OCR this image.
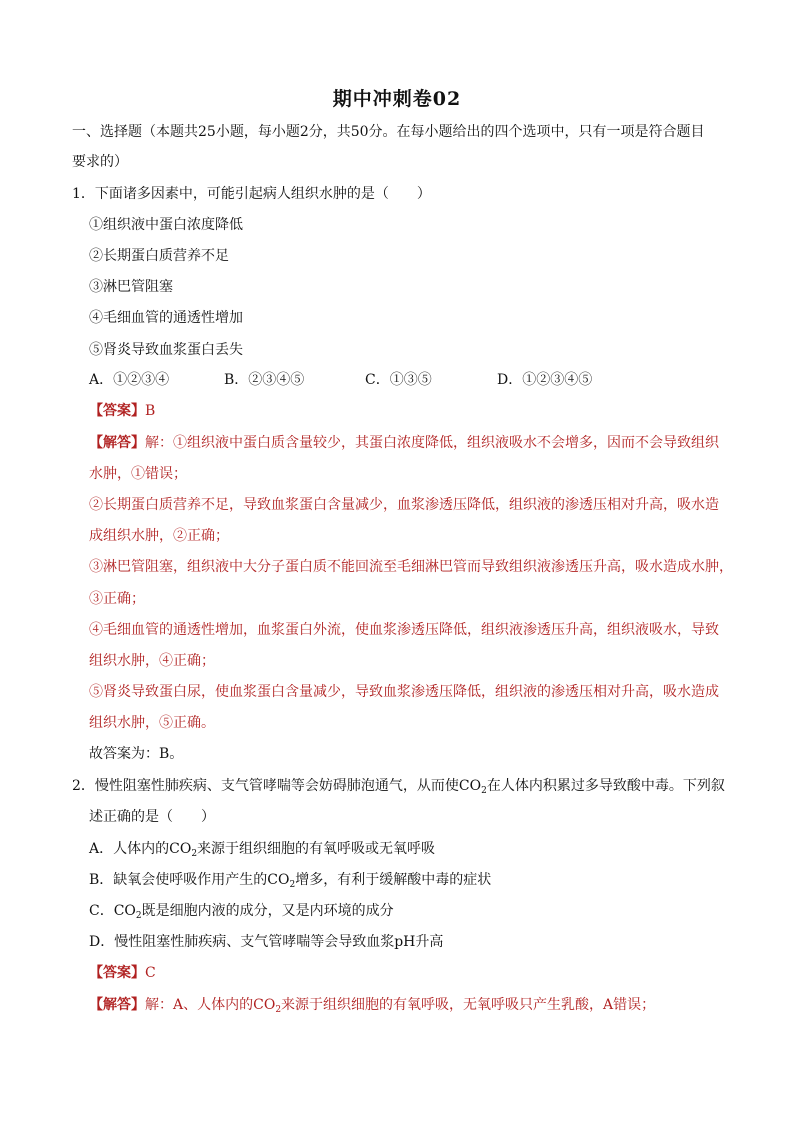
期中冲刺卷02
一、选择题（本题共25小题，每小题2分，共50分。在每小题给出的四个选项中，只有一项是符合题目
要求的）
1．下面诸多因素中，可能引起病人组织水肿的是（　　）
①组织液中蛋白浓度降低
②长期蛋白质营养不足
③淋巴管阻塞
④毛细血管的通透性增加
⑤肾炎导致血浆蛋白丢失
A．①②③④	B．②③④⑤	C．①③⑤	D．①②③④⑤
【答案】B
【解答】解：①组织液中蛋白质含量较少，其蛋白浓度降低，组织液吸水不会增多，因而不会导致组织
水肿，①错误；
②长期蛋白质营养不足，导致血浆蛋白含量减少，血浆渗透压降低，组织液的渗透压相对升高，吸水造
成组织水肿，②正确；
③淋巴管阻塞，组织液中大分子蛋白质不能回流至毛细淋巴管而导致组织液渗透压升高，吸水造成水肿，
③正确；
④毛细血管的通透性增加，血浆蛋白外流，使血浆渗透压降低，组织液渗透压升高，组织液吸水，导致
组织水肿，④正确；
⑤肾炎导致蛋白尿，使血浆蛋白含量减少，导致血浆渗透压降低，组织液的渗透压相对升高，吸水造成
组织水肿，⑤正确。
故答案为：B。
2．慢性阻塞性肺疾病、支气管哮喘等会妨碍肺泡通气，从而使$CO_2$在人体内积累过多导致酸中毒。下列叙
述正确的是（　　）
A．人体内的$CO_2$来源于组织细胞的有氧呼吸或无氧呼吸
B．缺氧会使呼吸作用产生的$CO_2$增多，有利于缓解酸中毒的症状
C．$CO_2$既是细胞内液的成分，又是内环境的成分
D．慢性阻塞性肺疾病、支气管哮喘等会导致血浆pH升高
【答案】C
【解答】解：A、人体内的$CO_2$来源于组织细胞的有氧呼吸，无氧呼吸只产生乳酸，A错误；
